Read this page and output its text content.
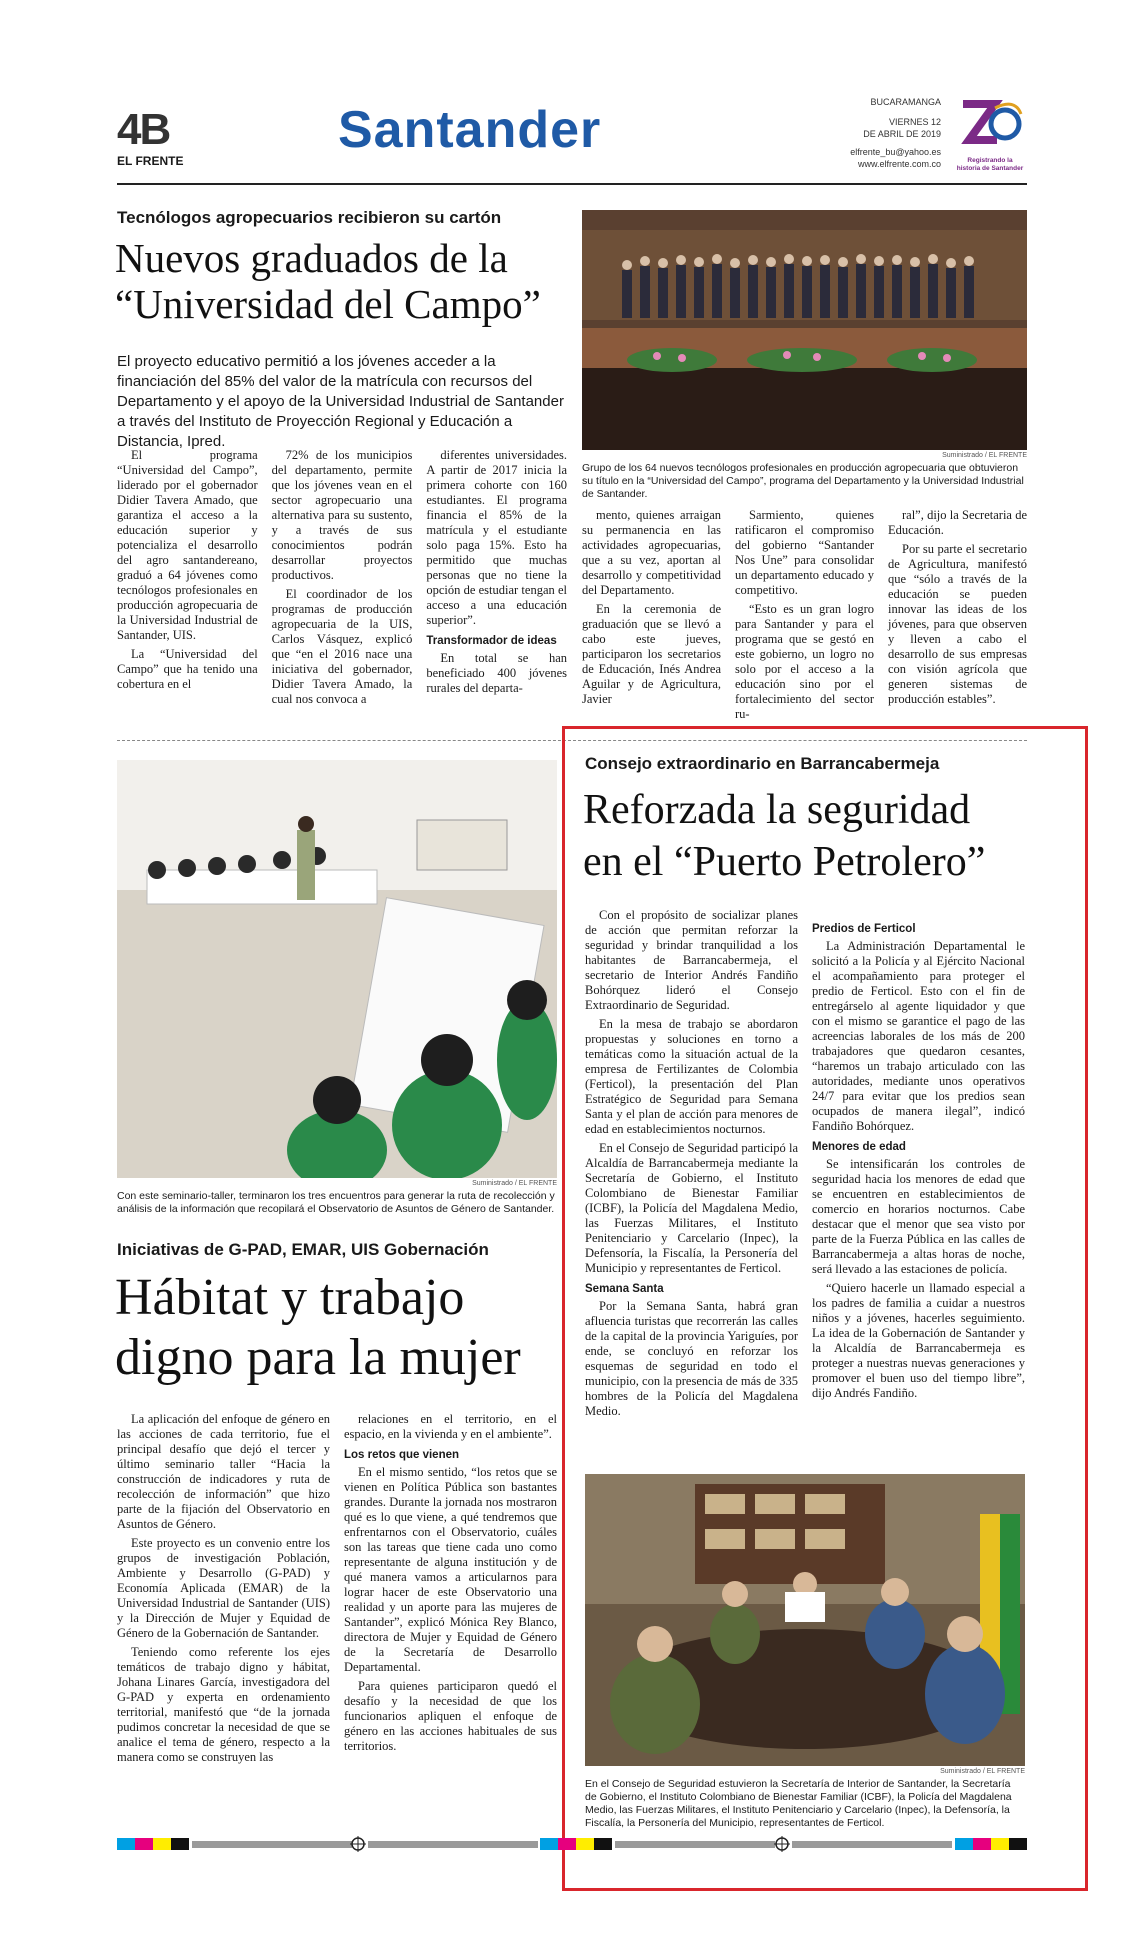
4B
EL FRENTE
Santander	BUCARAMANGA
VIERNES 12
DE ABRIL DE 2019
elfrente_bu@yahoo.es
www.elfrente.com.co	Registrando la historia de Santander
Tecnólogos agropecuarios recibieron su cartón
Nuevos graduados de la
“Universidad del Campo”
El proyecto educativo permitió a los jóvenes acceder a la financiación del 85% del valor de la matrícula con recursos del Departamento y el apoyo de la Universidad Industrial de Santander a través del Instituto de Proyección Regional y Educación a Distancia, Ipred.
Suministrado / EL FRENTE
Grupo de los 64 nuevos tecnólogos profesionales en producción agropecuaria que obtuvieron su título en la “Universidad del Campo”, programa del Departamento y la Universidad Industrial de Santander.

El programa “Universidad del Campo”, liderado por el gobernador Didier Tavera Amado, que garantiza el acceso a la educación superior y potencializa el desarrollo del agro santandereano, graduó a 64 jóvenes como tecnólogos profesionales en producción agropecuaria de la Universidad Industrial de Santander, UIS.

La “Universidad del Campo” que ha tenido una cobertura en el

72% de los municipios del departamento, permite que los jóvenes vean en el sector agropecuario una alternativa para su sustento, y a través de sus conocimientos podrán desarrollar proyectos productivos.

El coordinador de los programas de producción agropecuaria de la UIS, Carlos Vásquez, explicó que “en el 2016 nace una iniciativa del gobernador, Didier Tavera Amado, la cual nos convoca a

diferentes universidades. A partir de 2017 inicia la primera cohorte con 160 estudiantes. El programa financia el 85% de la matrícula y el estudiante solo paga 15%. Esto ha permitido que muchas personas que no tiene la opción de estudiar tengan el acceso a una educación superior”.

Transformador de ideas

En total se han beneficiado 400 jóvenes rurales del departa-

mento, quienes arraigan su permanencia en las actividades agropecuarias, que a su vez, aportan al desarrollo y competitividad del Departamento.

En la ceremonia de graduación que se llevó a cabo este jueves, participaron los secretarios de Educación, Inés Andrea Aguilar y de Agricultura, Javier

Sarmiento, quienes ratificaron el compromiso del gobierno “Santander Nos Une” para consolidar un departamento educado y competitivo.

“Esto es un gran logro para Santander y para el programa que se gestó en este gobierno, un logro no solo por el acceso a la educación sino por el fortalecimiento del sector ru-

ral”, dijo la Secretaria de Educación.

Por su parte el secretario de Agricultura, manifestó que “sólo a través de la educación se pueden innovar las ideas de los jóvenes, para que observen y lleven a cabo el desarrollo de sus empresas con visión agrícola que generen sistemas de producción estables”.

Suministrado / EL FRENTE
Con este seminario-taller, terminaron los tres encuentros para generar la ruta de recolección y análisis de la información que recopilará el Observatorio de Asuntos de Género de Santander.
Iniciativas de G-PAD, EMAR, UIS Gobernación
Hábitat y trabajo
digno para la mujer

La aplicación del enfoque de género en las acciones de cada territorio, fue el principal desafío que dejó el tercer y último seminario taller “Hacia la construcción de indicadores y ruta de recolección de información” que hizo parte de la fijación del Observatorio en Asuntos de Género.

Este proyecto es un convenio entre los grupos de investigación Población, Ambiente y Desarrollo (G-PAD) y Economía Aplicada (EMAR) de la Universidad Industrial de Santander (UIS) y la Dirección de Mujer y Equidad de Género de la Gobernación de Santander.

Teniendo como referente los ejes temáticos de trabajo digno y hábitat, Johana Linares García, investigadora del G-PAD y experta en ordenamiento territorial, manifestó que “de la jornada pudimos concretar la necesidad de que se analice el tema de género, respecto a la manera como se construyen las

relaciones en el territorio, en el espacio, en la vivienda y en el ambiente”.

Los retos que vienen

En el mismo sentido, “los retos que se vienen en Política Pública son bastantes grandes. Durante la jornada nos mostraron qué es lo que viene, a qué tendremos que enfrentarnos con el Observatorio, cuáles son las tareas que tiene cada uno como representante de alguna institución y de qué manera vamos a articularnos para lograr hacer de este Observatorio una realidad y un aporte para las mujeres de Santander”, explicó Mónica Rey Blanco, directora de Mujer y Equidad de Género de la Secretaría de Desarrollo Departamental.

Para quienes participaron quedó el desafío y la necesidad de que los funcionarios apliquen el enfoque de género en las acciones habituales de sus territorios.

Consejo extraordinario en Barrancabermeja
Reforzada la seguridad
en el “Puerto Petrolero”

Con el propósito de socializar planes de acción que permitan reforzar la seguridad y brindar tranquilidad a los habitantes de Barrancabermeja, el secretario de Interior Andrés Fandiño Bohórquez lideró el Consejo Extraordinario de Seguridad.

En la mesa de trabajo se abordaron propuestas y soluciones en torno a temáticas como la situación actual de la empresa de Fertilizantes de Colombia (Ferticol), la presentación del Plan Estratégico de Seguridad para Semana Santa y el plan de acción para menores de edad en establecimientos nocturnos.

En el Consejo de Seguridad participó la Alcaldía de Barrancabermeja mediante la Secretaría de Gobierno, el Instituto Colombiano de Bienestar Familiar (ICBF), la Policía del Magdalena Medio, las Fuerzas Militares, el Instituto Penitenciario y Carcelario (Inpec), la Defensoría, la Fiscalía, la Personería del Municipio y representantes de Ferticol.

Semana Santa

Por la Semana Santa, habrá gran afluencia turistas que recorrerán las calles de la capital de la provincia Yariguíes, por ende, se concluyó en reforzar los esquemas de seguridad en todo el municipio, con la presencia de más de 335 hombres de la Policía del Magdalena Medio.

Predios de Ferticol

La Administración Departamental le solicitó a la Policía y al Ejército Nacional el acompañamiento para proteger el predio de Ferticol. Esto con el fin de entregárselo al agente liquidador y que con el mismo se garantice el pago de las acreencias laborales de los más de 200 trabajadores que quedaron cesantes, “haremos un trabajo articulado con las autoridades, mediante unos operativos 24/7 para evitar que los predios sean ocupados de manera ilegal”, indicó Fandiño Bohórquez.

Menores de edad

Se intensificarán los controles de seguridad hacia los menores de edad que se encuentren en establecimientos de comercio en horarios nocturnos. Cabe destacar que el menor que sea visto por parte de la Fuerza Pública en las calles de Barrancabermeja a altas horas de noche, será llevado a las estaciones de policía.

“Quiero hacerle un llamado especial a los padres de familia a cuidar a nuestros niños y a jóvenes, hacerles seguimiento. La idea de la Gobernación de Santander y la Alcaldía de Barrancabermeja es proteger a nuestras nuevas generaciones y promover el buen uso del tiempo libre”, dijo Andrés Fandiño.

Suministrado / EL FRENTE
En el Consejo de Seguridad estuvieron la Secretaría de Interior de Santander, la Secretaría de Gobierno, el Instituto Colombiano de Bienestar Familiar (ICBF), la Policía del Magdalena Medio, las Fuerzas Militares, el Instituto Penitenciario y Carcelario (Inpec), la Defensoría, la Fiscalía, la Personería del Municipio, representantes de Ferticol.
